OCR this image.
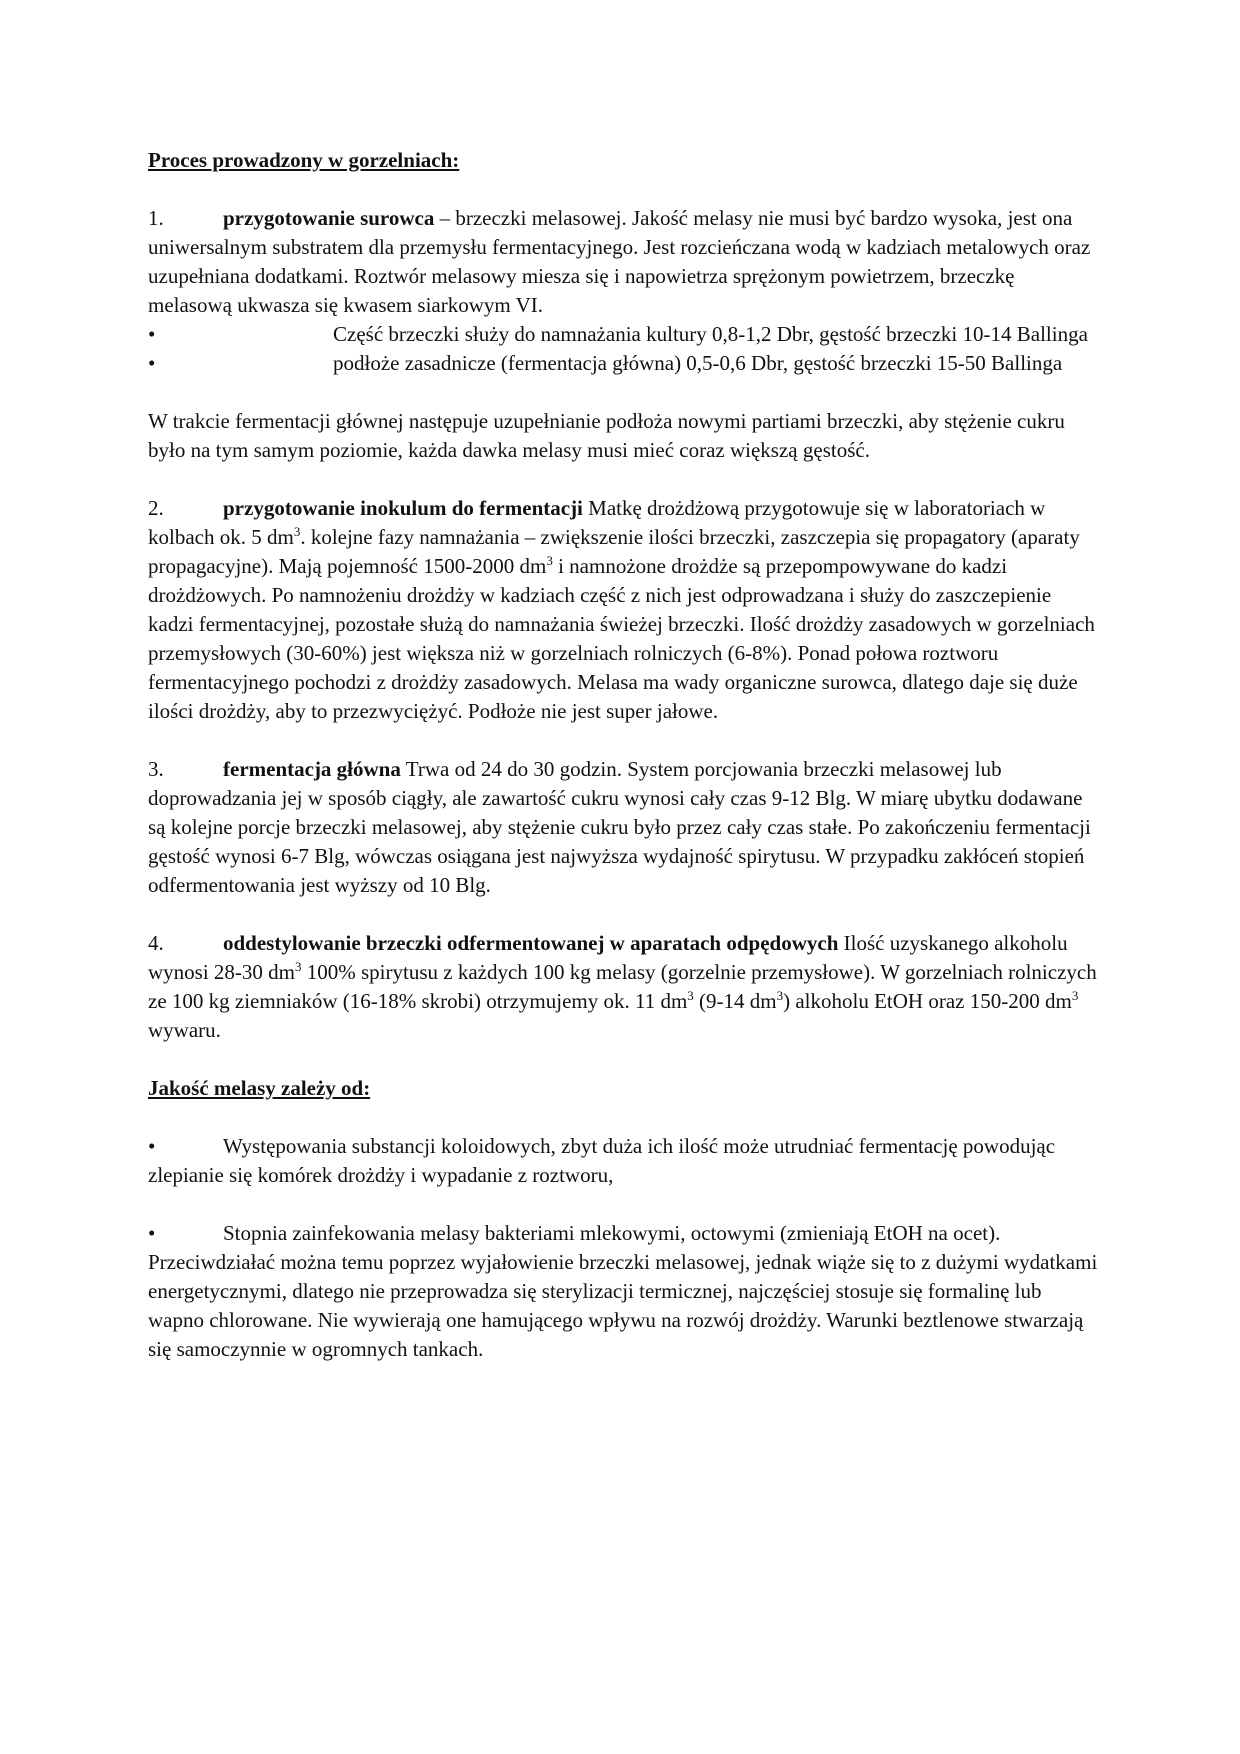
Proces prowadzony w gorzelniach:

1.	przygotowanie surowca – brzeczki melasowej. Jakość melasy nie musi być bardzo wysoka, jest ona uniwersalnym substratem dla przemysłu fermentacyjnego. Jest rozcieńczana wodą w kadziach metalowych oraz uzupełniana dodatkami. Roztwór melasowy miesza się i napowietrza sprężonym powietrzem, brzeczkę melasową ukwasza się kwasem siarkowym VI.

•	Część brzeczki służy do namnażania kultury 0,8-1,2 Dbr, gęstość brzeczki 10-14 Ballinga

•	podłoże zasadnicze (fermentacja główna) 0,5-0,6 Dbr, gęstość brzeczki 15-50 Ballinga

W trakcie fermentacji głównej następuje uzupełnianie podłoża nowymi partiami brzeczki, aby stężenie cukru było na tym samym poziomie, każda dawka melasy musi mieć coraz większą gęstość.

2.	przygotowanie inokulum do fermentacji Matkę drożdżową przygotowuje się w laboratoriach w kolbach ok. 5 $dm^3$. kolejne fazy namnażania – zwiększenie ilości brzeczki, zaszczepia się propagatory (aparaty propagacyjne). Mają pojemność 1500-2000 $dm^3$ i namnożone drożdże są przepompowywane do kadzi drożdżowych. Po namnożeniu drożdży w kadziach część z nich jest odprowadzana i służy do zaszczepienie kadzi fermentacyjnej, pozostałe służą do namnażania świeżej brzeczki. Ilość drożdży zasadowych w gorzelniach przemysłowych (30-60%) jest większa niż w gorzelniach rolniczych (6-8%). Ponad połowa roztworu fermentacyjnego pochodzi z drożdży zasadowych. Melasa ma wady organiczne surowca, dlatego daje się duże ilości drożdży, aby to przezwyciężyć. Podłoże nie jest super jałowe.

3.	fermentacja główna Trwa od 24 do 30 godzin. System porcjowania brzeczki melasowej lub doprowadzania jej w sposób ciągły, ale zawartość cukru wynosi cały czas 9-12 Blg. W miarę ubytku dodawane są kolejne porcje brzeczki melasowej, aby stężenie cukru było przez cały czas stałe. Po zakończeniu fermentacji gęstość wynosi 6-7 Blg, wówczas osiągana jest najwyższa wydajność spirytusu. W przypadku zakłóceń stopień odfermentowania jest wyższy od 10 Blg.

4.	oddestylowanie brzeczki odfermentowanej w aparatach odpędowych Ilość uzyskanego alkoholu wynosi 28-30 $dm^3$ 100% spirytusu z każdych 100 kg melasy (gorzelnie przemysłowe). W gorzelniach rolniczych ze 100 kg ziemniaków (16-18% skrobi) otrzymujemy ok. 11 $dm^3$ (9-14 $dm^3$) alkoholu EtOH oraz 150-200 $dm^3$ wywaru.

Jakość melasy zależy od:

•	Występowania substancji koloidowych, zbyt duża ich ilość może utrudniać fermentację powodując zlepianie się komórek drożdży i wypadanie z roztworu,

•	Stopnia zainfekowania melasy bakteriami mlekowymi, octowymi (zmieniają EtOH na ocet). Przeciwdziałać można temu poprzez wyjałowienie brzeczki melasowej, jednak wiąże się to z dużymi wydatkami energetycznymi, dlatego nie przeprowadza się sterylizacji termicznej, najczęściej stosuje się formalinę lub wapno chlorowane. Nie wywierają one hamującego wpływu na rozwój drożdży. Warunki beztlenowe stwarzają się samoczynnie w ogromnych tankach.
